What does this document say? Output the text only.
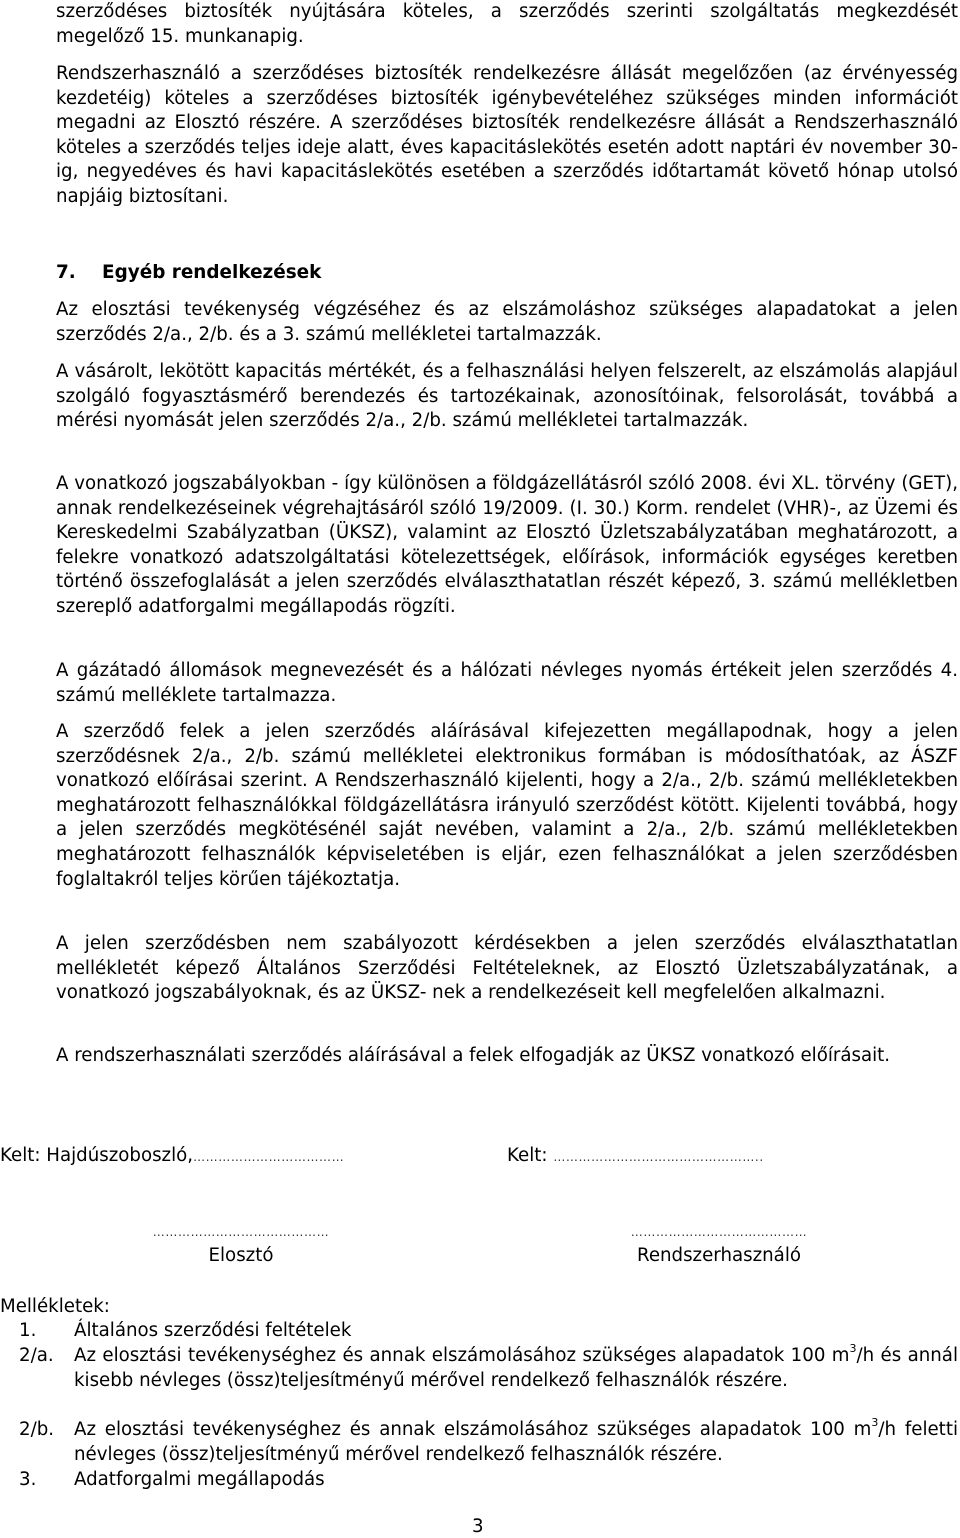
szerződéses biztosíték nyújtására köteles, a szerződés szerinti szolgáltatás megkezdését megelőző 15. munkanapig.
Rendszerhasználó a szerződéses biztosíték rendelkezésre állását megelőzően (az érvényesség kezdetéig) köteles a szerződéses biztosíték igénybevételéhez szükséges minden információt megadni az Elosztó részére. A szerződéses biztosíték rendelkezésre állását a Rendszerhasználó köteles a szerződés teljes ideje alatt, éves kapacitáslekötés esetén adott naptári év november 30-ig, negyedéves és havi kapacitáslekötés esetében a szerződés időtartamát követő hónap utolsó napjáig biztosítani.
7. Egyéb rendelkezések
Az elosztási tevékenység végzéséhez és az elszámoláshoz szükséges alapadatokat a jelen szerződés 2/a., 2/b. és a 3. számú mellékletei tartalmazzák.
A vásárolt, lekötött kapacitás mértékét, és a felhasználási helyen felszerelt, az elszámolás alapjául szolgáló fogyasztásmérő berendezés és tartozékainak, azonosítóinak, felsorolását, továbbá a mérési nyomását jelen szerződés 2/a., 2/b. számú mellékletei tartalmazzák.
A vonatkozó jogszabályokban - így különösen a földgázellátásról szóló 2008. évi XL. törvény (GET), annak rendelkezéseinek végrehajtásáról szóló 19/2009. (I. 30.) Korm. rendelet (VHR)-, az Üzemi és Kereskedelmi Szabályzatban (ÜKSZ), valamint az Elosztó Üzletszabályzatában meghatározott, a felekre vonatkozó adatszolgáltatási kötelezettségek, előírások, információk egységes keretben történő összefoglalását a jelen szerződés elválaszthatatlan részét képező, 3. számú mellékletben szereplő adatforgalmi megállapodás rögzíti.
A gázátadó állomások megnevezését és a hálózati névleges nyomás értékeit jelen szerződés 4. számú melléklete tartalmazza.
A szerződő felek a jelen szerződés aláírásával kifejezetten megállapodnak, hogy a jelen szerződésnek 2/a., 2/b. számú mellékletei elektronikus formában is módosíthatóak, az ÁSZF vonatkozó előírásai szerint. A Rendszerhasználó kijelenti, hogy a 2/a., 2/b. számú mellékletekben meghatározott felhasználókkal földgázellátásra irányuló szerződést kötött. Kijelenti továbbá, hogy a jelen szerződés megkötésénél saját nevében, valamint a 2/a., 2/b. számú mellékletekben meghatározott felhasználók képviseletében is eljár, ezen felhasználókat a jelen szerződésben foglaltakról teljes körűen tájékoztatja.
A jelen szerződésben nem szabályozott kérdésekben a jelen szerződés elválaszthatatlan mellékletét képező Általános Szerződési Feltételeknek, az Elosztó Üzletszabályzatának, a vonatkozó jogszabályoknak, és az ÜKSZ- nek a rendelkezéseit kell megfelelően alkalmazni.
A rendszerhasználati szerződés aláírásával a felek elfogadják az ÜKSZ vonatkozó előírásait.
Kelt: Hajdúszoboszló,………………………………	Kelt: …………………………………………..
……………………………………
Elosztó
……………………………………
Rendszerhasználó
Mellékletek:
1. Általános szerződési feltételek
2/a. Az elosztási tevékenységhez és annak elszámolásához szükséges alapadatok 100 $m^3/h$ és annál kisebb névleges (össz)teljesítményű mérővel rendelkező felhasználók részére.
2/b. Az elosztási tevékenységhez és annak elszámolásához szükséges alapadatok 100 $m^3/h$ feletti névleges (össz)teljesítményű mérővel rendelkező felhasználók részére.
3. Adatforgalmi megállapodás
3
